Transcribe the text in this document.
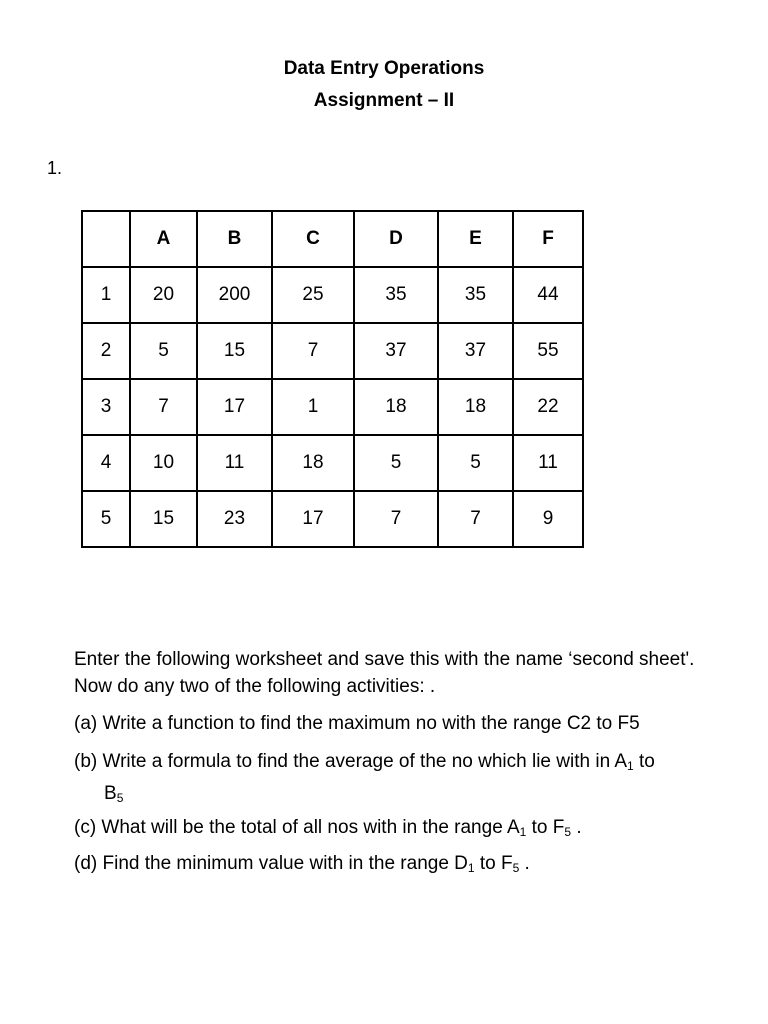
Data Entry Operations
Assignment – II
1.
	A	B	C	D	E	F
1	20	200	25	35	35	44
2	5	15	7	37	37	55
3	7	17	1	18	18	22
4	10	11	18	5	5	11
5	15	23	17	7	7	9
Enter the following worksheet and save this with the name ‘second sheet'. Now do any two of the following activities: .
(a) Write a function to find the maximum no with the range C2 to F5
(b) Write a formula to find the average of the no which lie with in $A_1$ to
$B_5$
(c) What will be the total of all nos with in the range $A_1$ to $F_5$ .
(d) Find the minimum value with in the range $D_1$ to $F_5$ .
